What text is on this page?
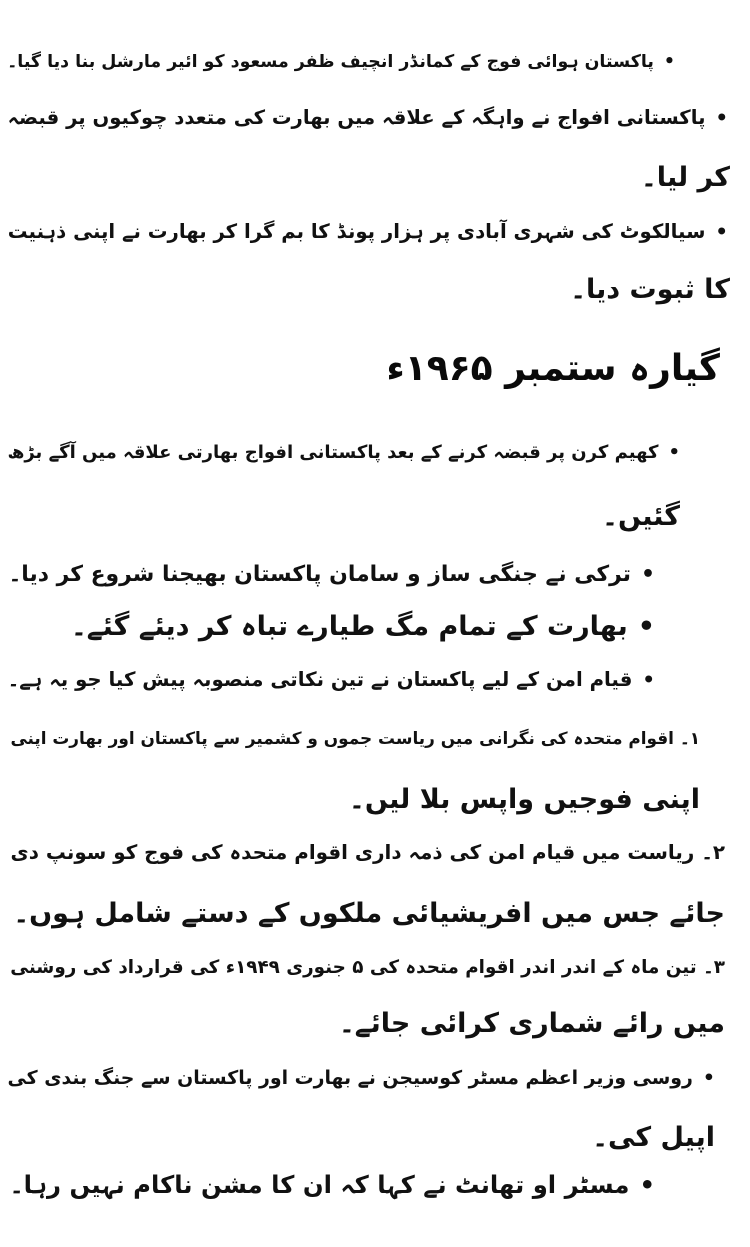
• پاکستان ہوائی فوج کے کمانڈر انچیف ظفر مسعود کو ائیر مارشل بنا دیا گیا۔
• پاکستانی افواج نے واہگہ کے علاقہ میں بھارت کی متعدد چوکیوں پر قبضہ
کر لیا۔
• سیالکوٹ کی شہری آبادی پر ہزار پونڈ کا بم گرا کر بھارت نے اپنی ذہنیت
کا ثبوت دیا۔
گیارہ ستمبر ۱۹۶۵ء
• کھیم کرن پر قبضہ کرنے کے بعد پاکستانی افواج بھارتی علاقہ میں آگے بڑھ
گئیں۔
• ترکی نے جنگی ساز و سامان پاکستان بھیجنا شروع کر دیا۔
• بھارت کے تمام مگ طیارے تباہ کر دیئے گئے۔
• قیام امن کے لیے پاکستان نے تین نکاتی منصوبہ پیش کیا جو یہ ہے۔
۱۔ اقوام متحدہ کی نگرانی میں ریاست جموں و کشمیر سے پاکستان اور بھارت اپنی
اپنی فوجیں واپس بلا لیں۔
۲۔ ریاست میں قیام امن کی ذمہ داری اقوام متحدہ کی فوج کو سونپ دی
جائے جس میں افریشیائی ملکوں کے دستے شامل ہوں۔
۳۔ تین ماہ کے اندر اندر اقوام متحدہ کی ۵ جنوری ۱۹۴۹ء کی قرارداد کی روشنی
میں رائے شماری کرائی جائے۔
• روسی وزیر اعظم مسٹر کوسیجن نے بھارت اور پاکستان سے جنگ بندی کی
اپیل کی۔
• مسٹر او تھانٹ نے کہا کہ ان کا مشن ناکام نہیں رہا۔
